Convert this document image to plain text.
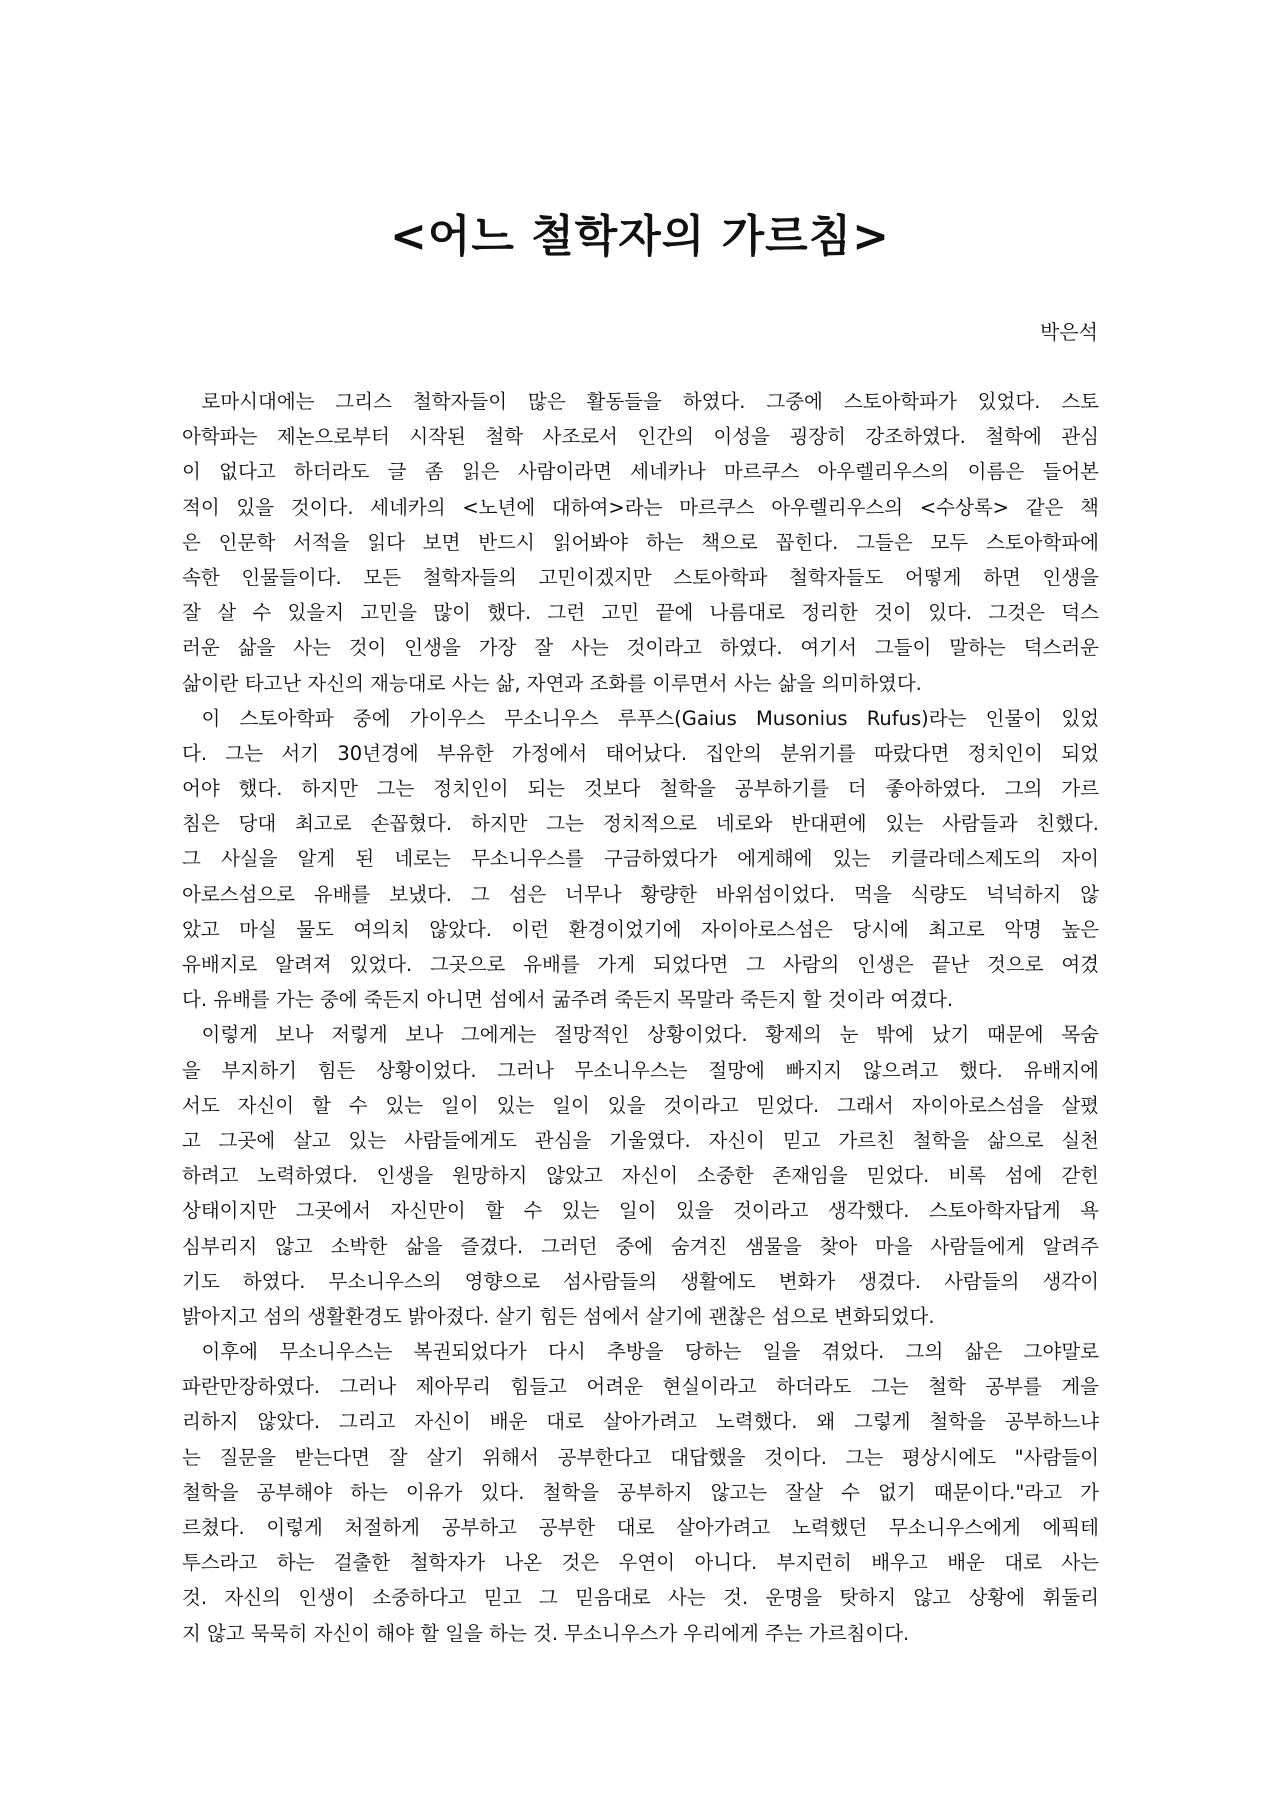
<어느 철학자의 가르침>

박은석

로마시대에는 그리스 철학자들이 많은 활동들을 하였다. 그중에 스토아학파가 있었다. 스토
아학파는 제논으로부터 시작된 철학 사조로서 인간의 이성을 굉장히 강조하였다. 철학에 관심
이 없다고 하더라도 글 좀 읽은 사람이라면 세네카나 마르쿠스 아우렐리우스의 이름은 들어본
적이 있을 것이다. 세네카의 <노년에 대하여>라는 마르쿠스 아우렐리우스의 <수상록> 같은 책
은 인문학 서적을 읽다 보면 반드시 읽어봐야 하는 책으로 꼽힌다. 그들은 모두 스토아학파에
속한 인물들이다. 모든 철학자들의 고민이겠지만 스토아학파 철학자들도 어떻게 하면 인생을
잘 살 수 있을지 고민을 많이 했다. 그런 고민 끝에 나름대로 정리한 것이 있다. 그것은 덕스
러운 삶을 사는 것이 인생을 가장 잘 사는 것이라고 하였다. 여기서 그들이 말하는 덕스러운
삶이란 타고난 자신의 재능대로 사는 삶, 자연과 조화를 이루면서 사는 삶을 의미하였다.
이 스토아학파 중에 가이우스 무소니우스 루푸스(Gaius Musonius Rufus)라는 인물이 있었
다. 그는 서기 30년경에 부유한 가정에서 태어났다. 집안의 분위기를 따랐다면 정치인이 되었
어야 했다. 하지만 그는 정치인이 되는 것보다 철학을 공부하기를 더 좋아하였다. 그의 가르
침은 당대 최고로 손꼽혔다. 하지만 그는 정치적으로 네로와 반대편에 있는 사람들과 친했다.
그 사실을 알게 된 네로는 무소니우스를 구금하였다가 에게해에 있는 키클라데스제도의 자이
아로스섬으로 유배를 보냈다. 그 섬은 너무나 황량한 바위섬이었다. 먹을 식량도 넉넉하지 않
았고 마실 물도 여의치 않았다. 이런 환경이었기에 자이아로스섬은 당시에 최고로 악명 높은
유배지로 알려져 있었다. 그곳으로 유배를 가게 되었다면 그 사람의 인생은 끝난 것으로 여겼
다. 유배를 가는 중에 죽든지 아니면 섬에서 굶주려 죽든지 목말라 죽든지 할 것이라 여겼다.
이렇게 보나 저렇게 보나 그에게는 절망적인 상황이었다. 황제의 눈 밖에 났기 때문에 목숨
을 부지하기 힘든 상황이었다. 그러나 무소니우스는 절망에 빠지지 않으려고 했다. 유배지에
서도 자신이 할 수 있는 일이 있는 일이 있을 것이라고 믿었다. 그래서 자이아로스섬을 살폈
고 그곳에 살고 있는 사람들에게도 관심을 기울였다. 자신이 믿고 가르친 철학을 삶으로 실천
하려고 노력하였다. 인생을 원망하지 않았고 자신이 소중한 존재임을 믿었다. 비록 섬에 갇힌
상태이지만 그곳에서 자신만이 할 수 있는 일이 있을 것이라고 생각했다. 스토아학자답게 욕
심부리지 않고 소박한 삶을 즐겼다. 그러던 중에 숨겨진 샘물을 찾아 마을 사람들에게 알려주
기도 하였다. 무소니우스의 영향으로 섬사람들의 생활에도 변화가 생겼다. 사람들의 생각이
밝아지고 섬의 생활환경도 밝아졌다. 살기 힘든 섬에서 살기에 괜찮은 섬으로 변화되었다.
이후에 무소니우스는 복권되었다가 다시 추방을 당하는 일을 겪었다. 그의 삶은 그야말로
파란만장하였다. 그러나 제아무리 힘들고 어려운 현실이라고 하더라도 그는 철학 공부를 게을
리하지 않았다. 그리고 자신이 배운 대로 살아가려고 노력했다. 왜 그렇게 철학을 공부하느냐
는 질문을 받는다면 잘 살기 위해서 공부한다고 대답했을 것이다. 그는 평상시에도 "사람들이
철학을 공부해야 하는 이유가 있다. 철학을 공부하지 않고는 잘살 수 없기 때문이다."라고 가
르쳤다. 이렇게 처절하게 공부하고 공부한 대로 살아가려고 노력했던 무소니우스에게 에픽테
투스라고 하는 걸출한 철학자가 나온 것은 우연이 아니다. 부지런히 배우고 배운 대로 사는
것. 자신의 인생이 소중하다고 믿고 그 믿음대로 사는 것. 운명을 탓하지 않고 상황에 휘둘리
지 않고 묵묵히 자신이 해야 할 일을 하는 것. 무소니우스가 우리에게 주는 가르침이다.
